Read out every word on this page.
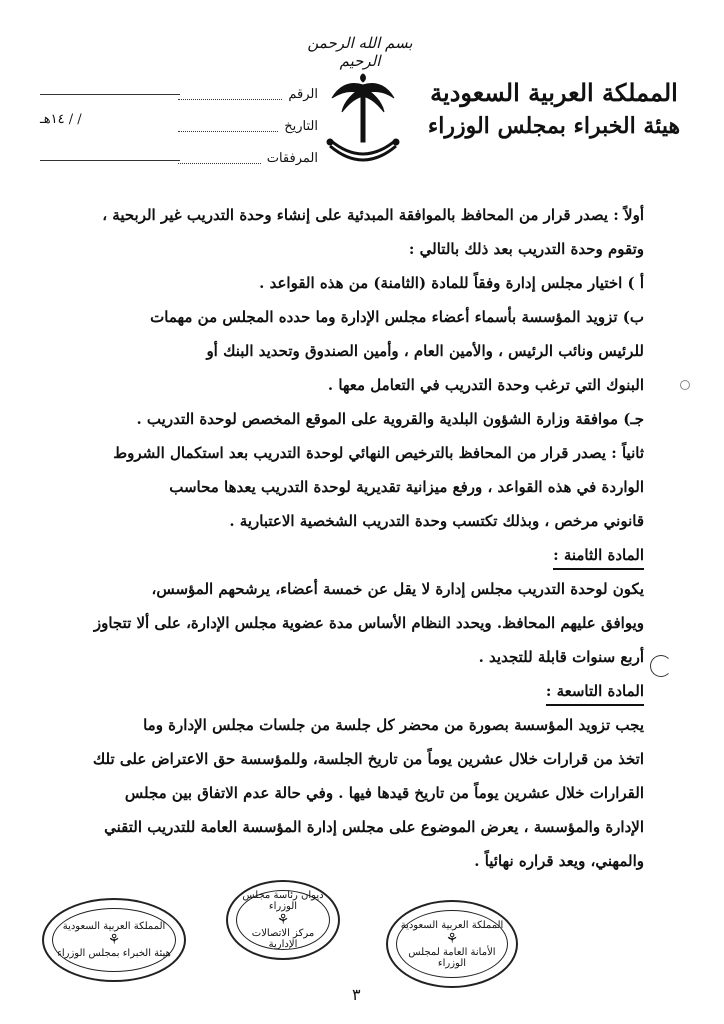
بسم الله الرحمن الرحيم
المملكة العربية السعودية
هيئة الخبراء بمجلس الوزراء
الرقم
التاريخ
المرفقات
/ / ١٤هـ
أولاً : يصدر قرار من المحافظ بالموافقة المبدئية على إنشاء وحدة التدريب غير الربحية ،
وتقوم وحدة التدريب بعد ذلك بالتالي :
أ ) اختيار مجلس إدارة وفقاً للمادة (الثامنة) من هذه القواعد .
ب) تزويد المؤسسة بأسماء أعضاء مجلس الإدارة وما حدده المجلس من مهمات
للرئيس ونائب الرئيس ، والأمين العام ، وأمين الصندوق وتحديد البنك أو
البنوك التي ترغب وحدة التدريب في التعامل معها .
جـ) موافقة وزارة الشؤون البلدية والقروية على الموقع المخصص لوحدة التدريب .
ثانياً : يصدر قرار من المحافظ بالترخيص النهائي لوحدة التدريب بعد استكمال الشروط
الواردة في هذه القواعد ، ورفع ميزانية تقديرية لوحدة التدريب يعدها محاسب
قانوني مرخص ، وبذلك تكتسب وحدة التدريب الشخصية الاعتبارية .
المادة الثامنة :
يكون لوحدة التدريب مجلس إدارة لا يقل عن خمسة أعضاء، يرشحهم المؤسس،
ويوافق عليهم المحافظ. ويحدد النظام الأساس مدة عضوية مجلس الإدارة، على ألا تتجاوز
أربع سنوات قابلة للتجديد .
المادة التاسعة :
يجب تزويد المؤسسة بصورة من محضر كل جلسة من جلسات مجلس الإدارة وما
اتخذ من قرارات خلال عشرين يوماً من تاريخ الجلسة، وللمؤسسة حق الاعتراض على تلك
القرارات خلال عشرين يوماً من تاريخ قيدها فيها . وفي حالة عدم الاتفاق بين مجلس
الإدارة والمؤسسة ، يعرض الموضوع على مجلس إدارة المؤسسة العامة للتدريب التقني
والمهني، ويعد قراره نهائياً .
المملكة العربية السعودية
⚘
هيئة الخبراء بمجلس الوزراء
ديوان رئاسة مجلس الوزراء
⚘
مركز الاتصالات الإدارية
المملكة العربية السعودية
⚘
الأمانة العامة لمجلس الوزراء
٣
